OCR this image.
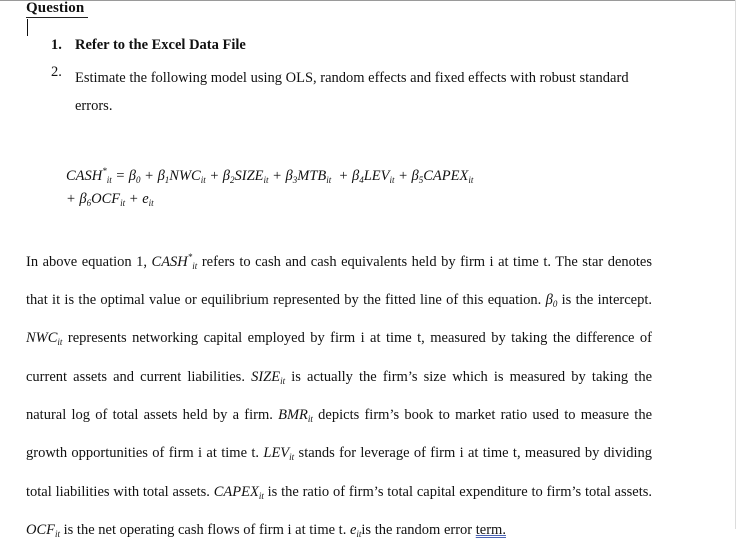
Question
1. Refer to the Excel Data File
2. Estimate the following model using OLS, random effects and fixed effects with robust standard errors.
$CASH^*_{it} = \beta_0 + \beta_1NWC_{it}$ + $\beta_2SIZE_{it} + \beta_3MTB_{it} + \beta_4LEV_{it}$ + $\beta_5CAPEX_{it}$
+ $\beta_6OCF_{it} + e_{it}$
In above equation 1, $CASH^*_{it}$ refers to cash and cash equivalents held by firm i at time t. The star denotes that it is the optimal value or equilibrium represented by the fitted line of this equation. $\beta_0$ is the intercept. $NWC_{it}$ represents networking capital employed by firm i at time t, measured by taking the difference of current assets and current liabilities. $SIZE_{it}$ is actually the firm’s size which is measured by taking the natural log of total assets held by a firm. $BMR_{it}$ depicts firm’s book to market ratio used to measure the growth opportunities of firm i at time t. $LEV_{it}$ stands for leverage of firm i at time t, measured by dividing total liabilities with total assets. $CAPEX_{it}$ is the ratio of firm’s total capital expenditure to firm’s total assets. $OCF_{it}$ is the net operating cash flows of firm i at time t. $e_{it}is$ the random error term.
